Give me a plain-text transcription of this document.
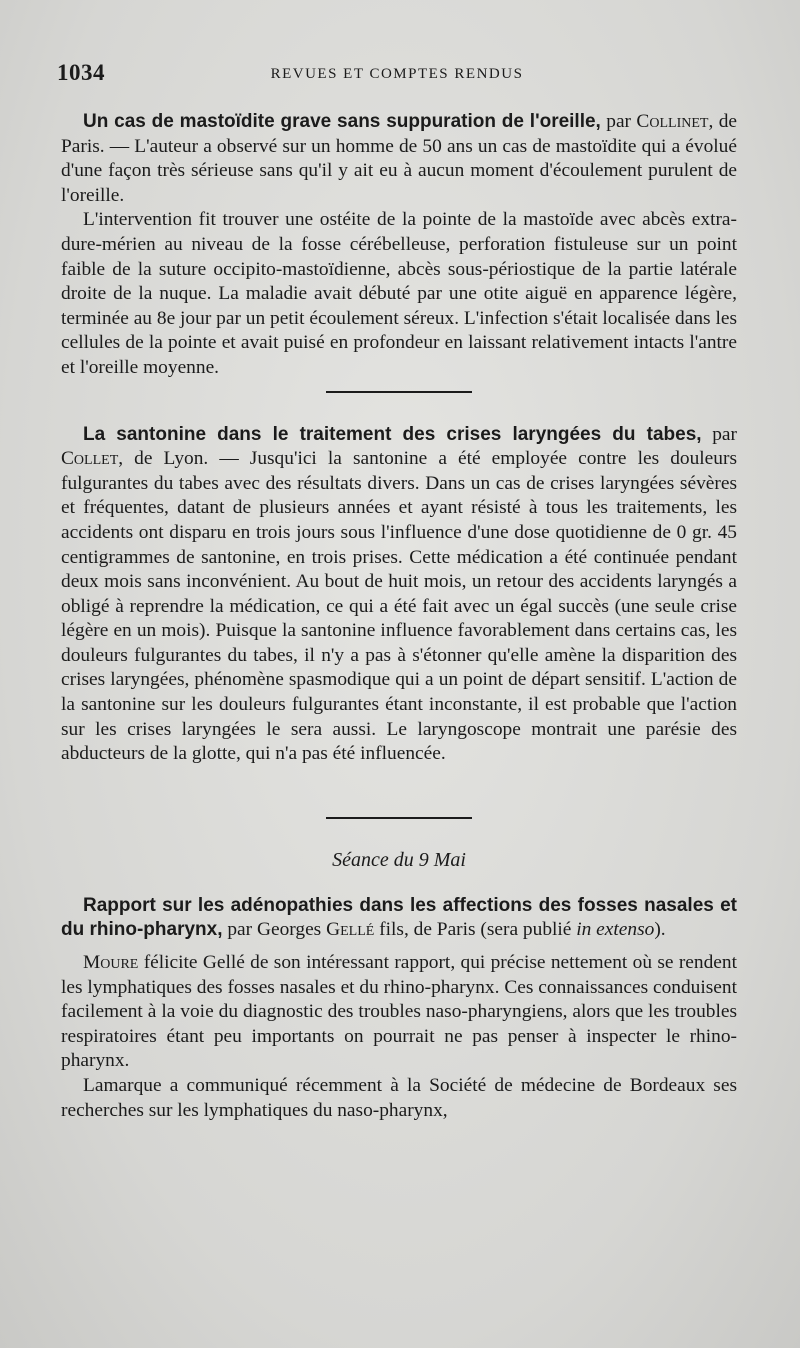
1034	REVUES ET COMPTES RENDUS

Un cas de mastoïdite grave sans suppuration de l'oreille, par Collinet, de Paris. — L'auteur a observé sur un homme de 50 ans un cas de mastoïdite qui a évolué d'une façon très sérieuse sans qu'il y ait eu à aucun moment d'écoulement purulent de l'oreille.

L'intervention fit trouver une ostéite de la pointe de la mastoïde avec abcès extra-dure-mérien au niveau de la fosse cérébelleuse, perforation fistuleuse sur un point faible de la suture occipito-mastoïdienne, abcès sous-périostique de la partie latérale droite de la nuque. La maladie avait débuté par une otite aiguë en apparence légère, terminée au 8e jour par un petit écoulement séreux. L'infection s'était localisée dans les cellules de la pointe et avait puisé en profondeur en laissant relativement intacts l'antre et l'oreille moyenne.

La santonine dans le traitement des crises laryngées du tabes, par Collet, de Lyon. — Jusqu'ici la santonine a été employée contre les douleurs fulgurantes du tabes avec des résultats divers. Dans un cas de crises laryngées sévères et fréquentes, datant de plusieurs années et ayant résisté à tous les traitements, les accidents ont disparu en trois jours sous l'influence d'une dose quotidienne de 0 gr. 45 centigrammes de santonine, en trois prises. Cette médication a été continuée pendant deux mois sans inconvénient. Au bout de huit mois, un retour des accidents laryngés a obligé à reprendre la médication, ce qui a été fait avec un égal succès (une seule crise légère en un mois). Puisque la santonine influence favorablement dans certains cas, les douleurs fulgurantes du tabes, il n'y a pas à s'étonner qu'elle amène la disparition des crises laryngées, phénomène spasmodique qui a un point de départ sensitif. L'action de la santonine sur les douleurs fulgurantes étant inconstante, il est probable que l'action sur les crises laryngées le sera aussi. Le laryngoscope montrait une parésie des abducteurs de la glotte, qui n'a pas été influencée.

Séance du 9 Mai

Rapport sur les adénopathies dans les affections des fosses nasales et du rhino-pharynx, par Georges Gellé fils, de Paris (sera publié in extenso).

Moure félicite Gellé de son intéressant rapport, qui précise nettement où se rendent les lymphatiques des fosses nasales et du rhino-pharynx. Ces connaissances conduisent facilement à la voie du diagnostic des troubles naso-pharyngiens, alors que les troubles respiratoires étant peu importants on pourrait ne pas penser à inspecter le rhino-pharynx.

Lamarque a communiqué récemment à la Société de médecine de Bordeaux ses recherches sur les lymphatiques du naso-pharynx,
